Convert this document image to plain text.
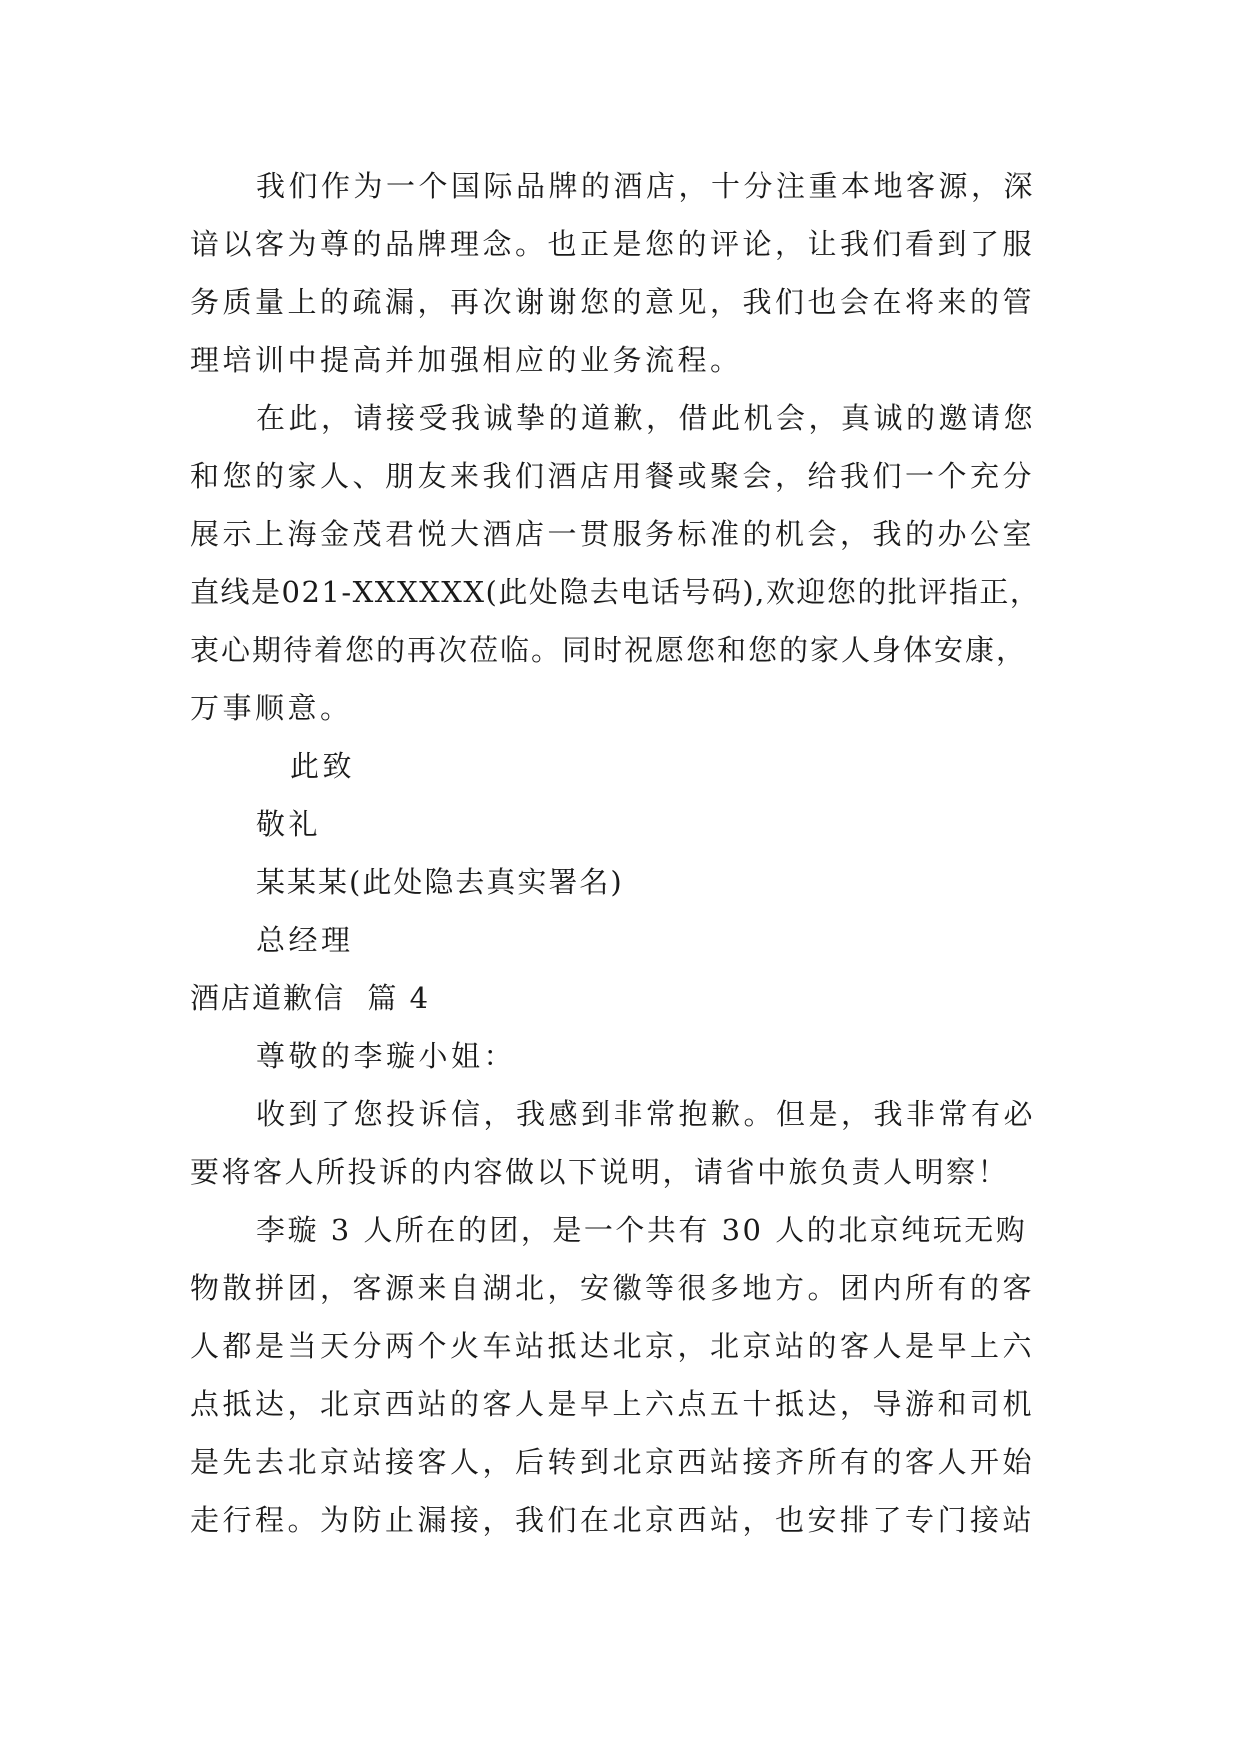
我们作为一个国际品牌的酒店，十分注重本地客源，深
谙以客为尊的品牌理念。也正是您的评论，让我们看到了服
务质量上的疏漏，再次谢谢您的意见，我们也会在将来的管
理培训中提高并加强相应的业务流程。
在此，请接受我诚挚的道歉，借此机会，真诚的邀请您
和您的家人、朋友来我们酒店用餐或聚会，给我们一个充分
展示上海金茂君悦大酒店一贯服务标准的机会，我的办公室
直线是021-XXXXXX(此处隐去电话号码),欢迎您的批评指正，
衷心期待着您的再次莅临。同时祝愿您和您的家人身体安康，
万事顺意。
此致
敬礼
某某某(此处隐去真实署名)
总经理
酒店道歉信  篇 4
尊敬的李璇小姐：
收到了您投诉信，我感到非常抱歉。但是，我非常有必
要将客人所投诉的内容做以下说明，请省中旅负责人明察！
李璇 3 人所在的团，是一个共有 30 人的北京纯玩无购
物散拼团，客源来自湖北，安徽等很多地方。团内所有的客
人都是当天分两个火车站抵达北京，北京站的客人是早上六
点抵达，北京西站的客人是早上六点五十抵达，导游和司机
是先去北京站接客人，后转到北京西站接齐所有的客人开始
走行程。为防止漏接，我们在北京西站，也安排了专门接站
